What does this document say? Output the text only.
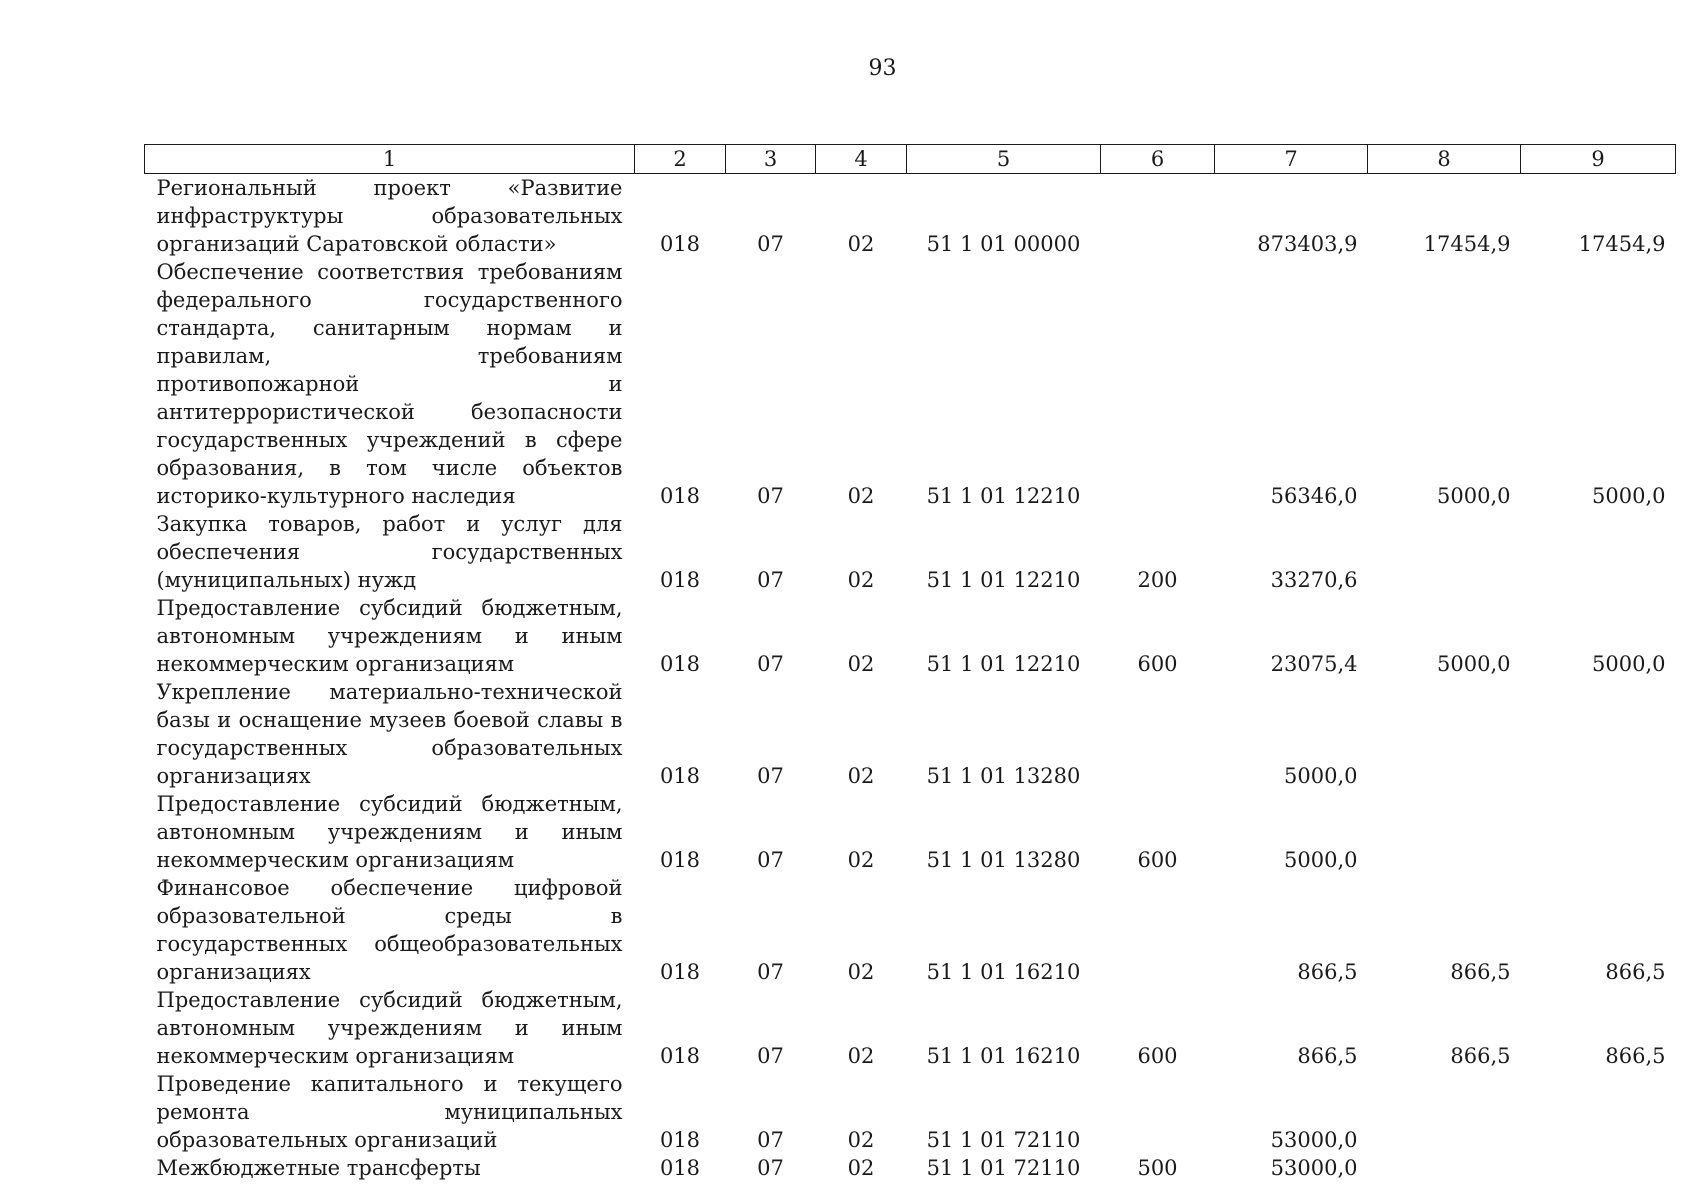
93
1	2	3	4	5	6	7	8	9
Региональный проект «Развитие инфраструктуры образовательных организаций Саратовской области»	018	07	02	51 1 01 00000		873403,9	17454,9	17454,9
Обеспечение соответствия требованиям федерального государственного стандарта, санитарным нормам и правилам, требованиям противопожарной и антитеррористической безопасности государственных учреждений в сфере образования, в том числе объектов историко-культурного наследия	018	07	02	51 1 01 12210		56346,0	5000,0	5000,0
Закупка товаров, работ и услуг для обеспечения государственных (муниципальных) нужд	018	07	02	51 1 01 12210	200	33270,6		
Предоставление субсидий бюджетным, автономным учреждениям и иным некоммерческим организациям	018	07	02	51 1 01 12210	600	23075,4	5000,0	5000,0
Укрепление материально-технической базы и оснащение музеев боевой славы в государственных образовательных организациях	018	07	02	51 1 01 13280		5000,0		
Предоставление субсидий бюджетным, автономным учреждениям и иным некоммерческим организациям	018	07	02	51 1 01 13280	600	5000,0		
Финансовое обеспечение цифровой образовательной среды в государственных общеобразовательных организациях	018	07	02	51 1 01 16210		866,5	866,5	866,5
Предоставление субсидий бюджетным, автономным учреждениям и иным некоммерческим организациям	018	07	02	51 1 01 16210	600	866,5	866,5	866,5
Проведение капитального и текущего ремонта муниципальных образовательных организаций	018	07	02	51 1 01 72110		53000,0		
Межбюджетные трансферты	018	07	02	51 1 01 72110	500	53000,0		
